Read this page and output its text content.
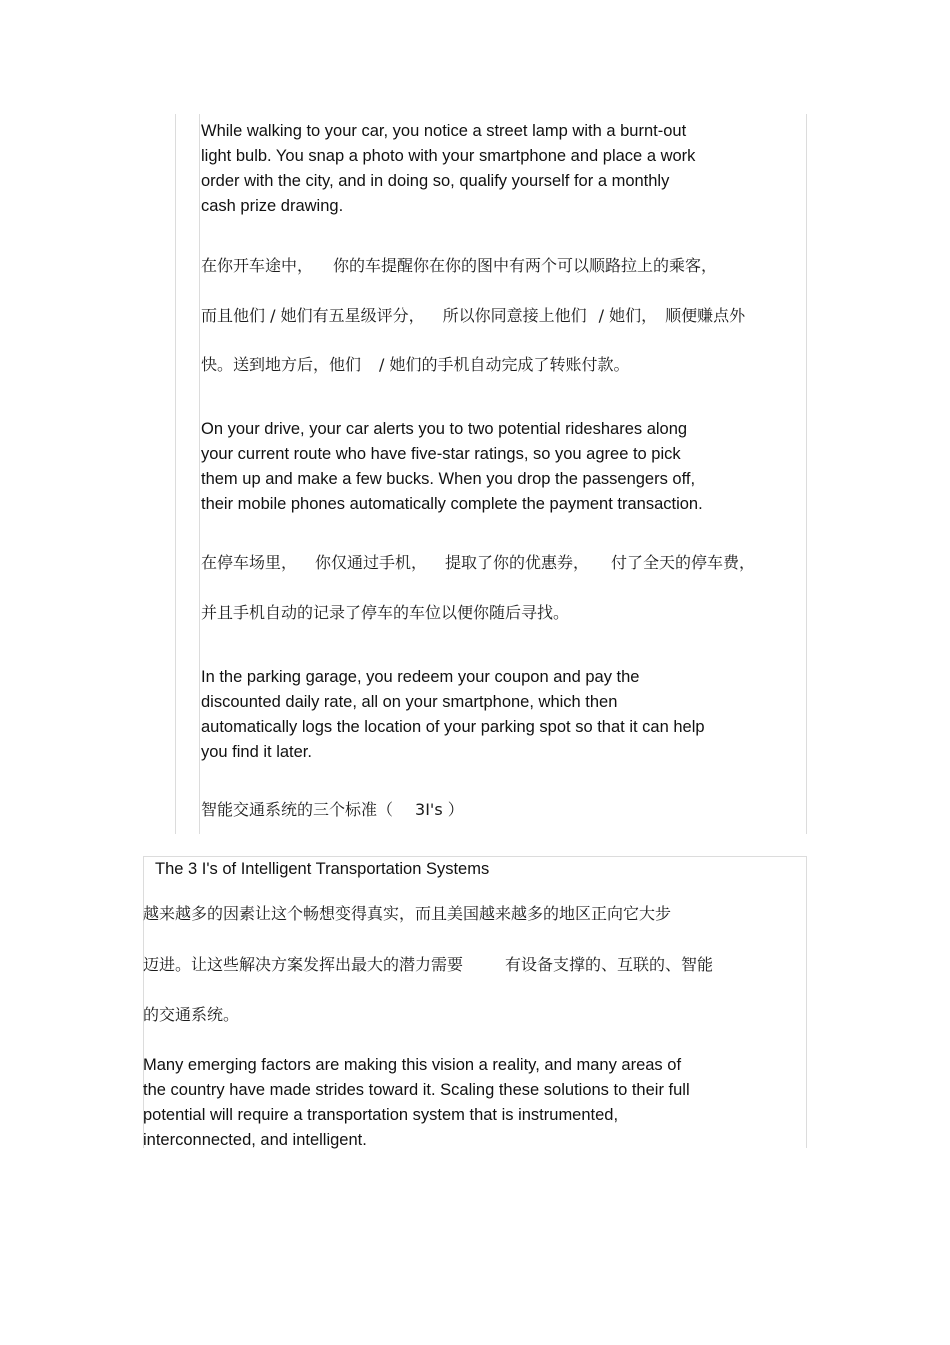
While walking to your car, you notice a street lamp with a burnt-out
light bulb. You snap a photo with your smartphone and place a work
order with the city, and in doing so, qualify yourself for a monthly
cash prize drawing.
在你开车途中， 你的车提醒你在你的图中有两个可以顺路拉上的乘客，
而且他们 / 她们有五星级评分， 所以你同意接上他们 / 她们， 顺便赚点外
快。送到地方后，他们 / 她们的手机自动完成了转账付款。
On your drive, your car alerts you to two potential rideshares along
your current route who have five-star ratings, so you agree to pick
them up and make a few bucks. When you drop the passengers off,
their mobile phones automatically complete the payment transaction.
在停车场里， 你仅通过手机， 提取了你的优惠券， 付了全天的停车费，
并且手机自动的记录了停车的车位以便你随后寻找。
In the parking garage, you redeem your coupon and pay the
discounted daily rate, all on your smartphone, which then
automatically logs the location of your parking spot so that it can help
you find it later.
智能交通系统的三个标准（ 3I's ）
The 3 I's of Intelligent Transportation Systems
越来越多的因素让这个畅想变得真实，而且美国越来越多的地区正向它大步
迈进。让这些解决方案发挥出最大的潜力需要	有设备支撑的、互联的、智能
的交通系统。
Many emerging factors are making this vision a reality, and many areas of
the country have made strides toward it. Scaling these solutions to their full
potential will require a transportation system that is instrumented,
interconnected, and intelligent.
